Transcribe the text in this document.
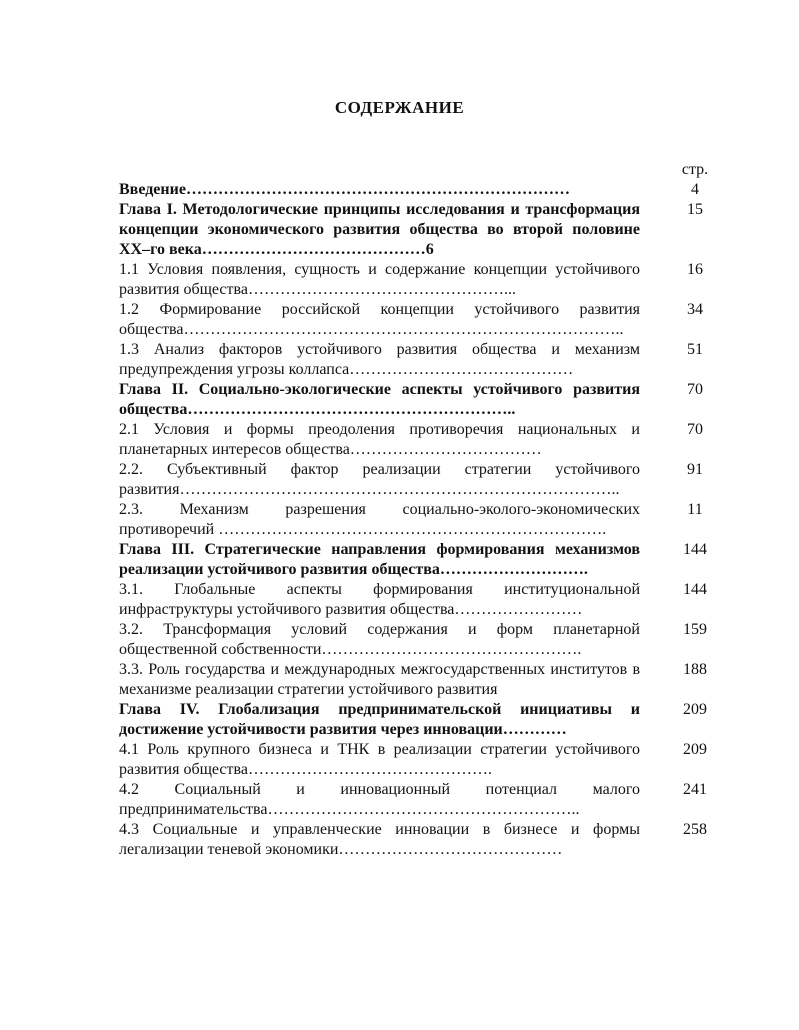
СОДЕРЖАНИЕ
стр.
Введение………………………………………………………………	4
Глава I. Методологические принципы исследования и трансформация концепции экономического развития общества во второй половине XX–го века……………………………………6
15
1.1 Условия появления, сущность и содержание концепции устойчивого развития общества…………………………………………...
16
1.2 Формирование российской концепции устойчивого развития общества………………………………………………………………………..
34
1.3 Анализ факторов устойчивого развития общества и механизм предупреждения угрозы коллапса……………………………………
51
Глава II. Социально-экологические аспекты устойчивого развития общества……………………………………………………..
70
2.1 Условия и формы преодоления противоречия национальных и планетарных интересов общества………………………………
70
2.2. Субъективный фактор реализации стратегии устойчивого развития………………………………………………………………………..
91
2.3. Механизм разрешения социально-эколого-экономических противоречий ……………………………………………………………….
11
Глава III. Стратегические направления формирования механизмов реализации устойчивого развития общества……………………….
144
3.1. Глобальные аспекты формирования институциональной инфраструктуры устойчивого развития общества……………………
144
3.2. Трансформация условий содержания и форм планетарной общественной собственности………………………………………….
159
3.3. Роль государства и международных межгосударственных институтов в механизме реализации стратегии устойчивого развития
188
Глава IV. Глобализация предпринимательской инициативы и достижение устойчивости развития через инновации…………
209
4.1 Роль крупного бизнеса и ТНК в реализации стратегии устойчивого развития общества……………………………………….
209
4.2 Социальный и инновационный потенциал малого предпринимательства…………………………………………………..
241
4.3 Социальные и управленческие инновации в бизнесе и формы легализации теневой экономики……………………………………
258
